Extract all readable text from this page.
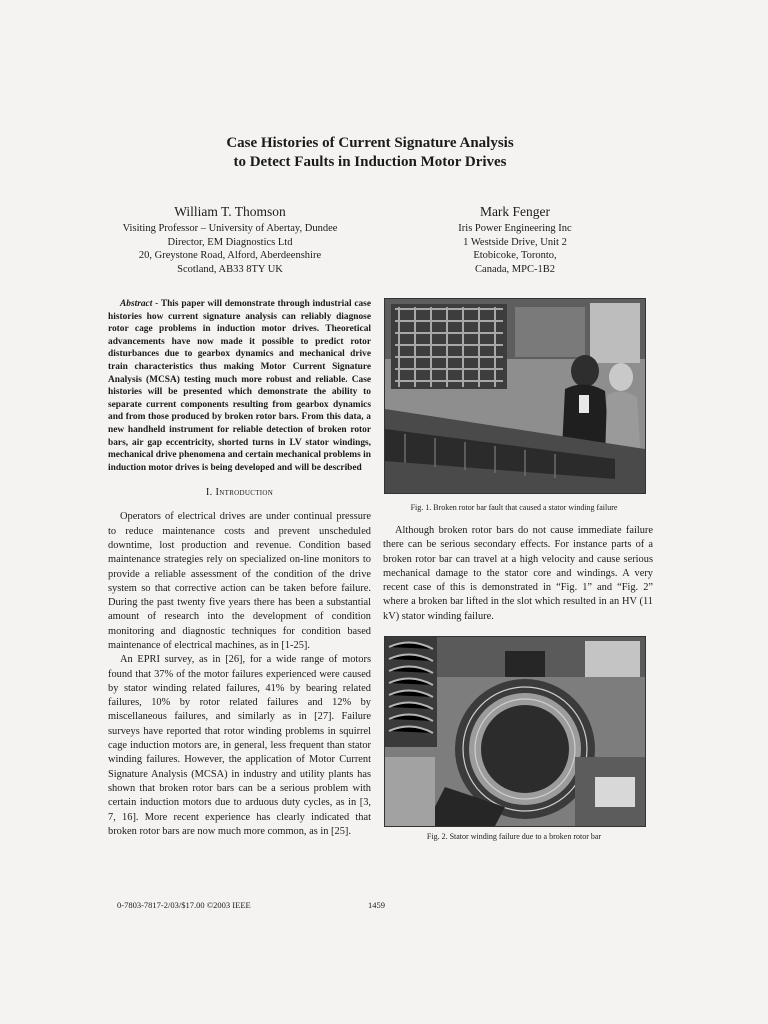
Case Histories of Current Signature Analysis
to Detect Faults in Induction Motor Drives
William T. Thomson
Visiting Professor – University of Abertay, Dundee
Director, EM Diagnostics Ltd
20, Greystone Road, Alford, Aberdeenshire
Scotland, AB33 8TY UK
Mark Fenger
Iris Power Engineering Inc
1 Westside Drive, Unit 2
Etobicoke, Toronto,
Canada, MPC-1B2

Abstract - This paper will demonstrate through industrial case histories how current signature analysis can reliably diagnose rotor cage problems in induction motor drives. Theoretical advancements have now made it possible to predict rotor disturbances due to gearbox dynamics and mechanical drive train characteristics thus making Motor Current Signature Analysis (MCSA) testing much more robust and reliable. Case histories will be presented which demonstrate the ability to separate current components resulting from gearbox dynamics and from those produced by broken rotor bars. From this data, a new handheld instrument for reliable detection of broken rotor bars, air gap eccentricity, shorted turns in LV stator windings, mechanical drive phenomena and certain mechanical problems in induction motor drives is being developed and will be described

I. Introduction

Operators of electrical drives are under continual pressure to reduce maintenance costs and prevent unscheduled downtime, lost production and revenue. Condition based maintenance strategies rely on specialized on-line monitors to provide a reliable assessment of the condition of the drive system so that corrective action can be taken before failure. During the past twenty five years there has been a substantial amount of research into the development of condition monitoring and diagnostic techniques for condition based maintenance of electrical machines, as in [1-25].

An EPRI survey, as in [26], for a wide range of motors found that 37% of the motor failures experienced were caused by stator winding related failures, 41% by bearing related failures, 10% by rotor related failures and 12% by miscellaneous failures, and similarly as in [27]. Failure surveys have reported that rotor winding problems in squirrel cage induction motors are, in general, less frequent than stator winding failures. However, the application of Motor Current Signature Analysis (MCSA) in industry and utility plants has shown that broken rotor bars can be a serious problem with certain induction motors due to arduous duty cycles, as in [3, 7, 16]. More recent experience has clearly indicated that broken rotor bars are now much more common, as in [25].

Fig. 1. Broken rotor bar fault that caused a stator winding failure

Although broken rotor bars do not cause immediate failure there can be serious secondary effects. For instance parts of a broken rotor bar can travel at a high velocity and cause serious mechanical damage to the stator core and windings. A very recent case of this is demonstrated in “Fig. 1” and “Fig. 2” where a broken bar lifted in the slot which resulted in an HV (11 kV) stator winding failure.

Fig. 2. Stator winding failure due to a broken rotor bar
0-7803-7817-2/03/$17.00 ©2003 IEEE	1459
